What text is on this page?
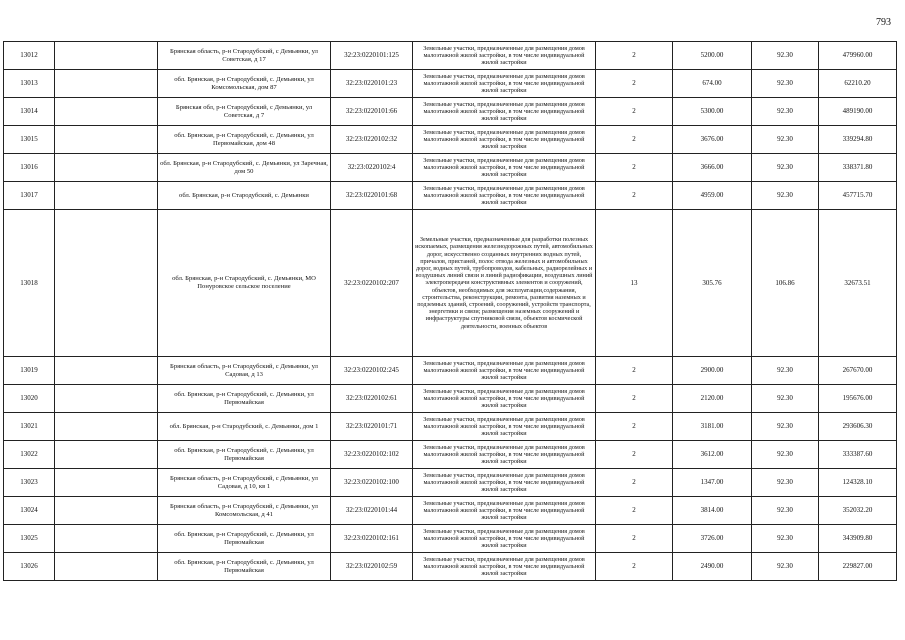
793
13012		Брянская область, р-н Стародубский, с Демьянки, ул Советская, д 17	32:23:0220101:125	Земельные участки, предназначенные для размещения домов малоэтажной жилой застройки, в том числе индивидуальной жилой застройки	2	5200.00	92.30	479960.00
13013		обл. Брянская, р-н Стародубский, с. Демьянки, ул Комсомольская, дом 87	32:23:0220101:23	Земельные участки, предназначенные для размещения домов малоэтажной жилой застройки, в том числе индивидуальной жилой застройки	2	674.00	92.30	62210.20
13014		Брянская обл, р-н Стародубский, с Демьянки, ул Советская, д 7	32:23:0220101:66	Земельные участки, предназначенные для размещения домов малоэтажной жилой застройки, в том числе индивидуальной жилой застройки	2	5300.00	92.30	489190.00
13015		обл. Брянская, р-н Стародубский, с. Демьянки, ул Первомайская, дом 48	32:23:0220102:32	Земельные участки, предназначенные для размещения домов малоэтажной жилой застройки, в том числе индивидуальной жилой застройки	2	3676.00	92.30	339294.80
13016		обл. Брянская, р-н Стародубский, с. Демьянки, ул Заречная, дом 50	32:23:0220102:4	Земельные участки, предназначенные для размещения домов малоэтажной жилой застройки, в том числе индивидуальной жилой застройки	2	3666.00	92.30	338371.80
13017		обл. Брянская, р-н Стародубский, с. Демьянки	32:23:0220101:68	Земельные участки, предназначенные для размещения домов малоэтажной жилой застройки, в том числе индивидуальной жилой застройки	2	4959.00	92.30	457715.70
13018		обл. Брянская, р-н Стародубский, с. Демьянки, МО Понуровское сельское поселение	32:23:0220102:207	Земельные участки, предназначенные для разработки полезных ископаемых, размещения железнодорожных путей, автомобильных дорог, искусственно созданных внутренних водных путей, причалов, пристаней, полос отвода железных и автомобильных дорог, водных путей, трубопроводов, кабельных, радиорелейных и воздушных линий связи и линий радиофикации, воздушных линий электропередачи конструктивных элементов и сооружений, объектов, необходимых для эксплуатации,содержания, строительства, реконструкции, ремонта, развития наземных и подземных зданий, строений, сооружений, устройств транспорта, энергетики и связи; размещения наземных сооружений и инфраструктуры спутниковой связи, объектов космической деятельности, военных объектов	13	305.76	106.86	32673.51
13019		Брянская область, р-н Стародубский, с Демьянки, ул Садовая, д 13	32:23:0220102:245	Земельные участки, предназначенные для размещения домов малоэтажной жилой застройки, в том числе индивидуальной жилой застройки	2	2900.00	92.30	267670.00
13020		обл. Брянская, р-н Стародубский, с. Демьянки, ул Первомайская	32:23:0220102:61	Земельные участки, предназначенные для размещения домов малоэтажной жилой застройки, в том числе индивидуальной жилой застройки	2	2120.00	92.30	195676.00
13021		обл. Брянская, р-н Стародубский, с. Демьянки, дом 1	32:23:0220101:71	Земельные участки, предназначенные для размещения домов малоэтажной жилой застройки, в том числе индивидуальной жилой застройки	2	3181.00	92.30	293606.30
13022		обл. Брянская, р-н Стародубский, с. Демьянки, ул Первомайская	32:23:0220102:102	Земельные участки, предназначенные для размещения домов малоэтажной жилой застройки, в том числе индивидуальной жилой застройки	2	3612.00	92.30	333387.60
13023		Брянская область, р-н Стародубский, с Демьянки, ул Садовая, д 10, кв 1	32:23:0220102:100	Земельные участки, предназначенные для размещения домов малоэтажной жилой застройки, в том числе индивидуальной жилой застройки	2	1347.00	92.30	124328.10
13024		Брянская область, р-н Стародубский, с Демьянки, ул Комсомольская, д 41	32:23:0220101:44	Земельные участки, предназначенные для размещения домов малоэтажной жилой застройки, в том числе индивидуальной жилой застройки	2	3814.00	92.30	352032.20
13025		обл. Брянская, р-н Стародубский, с. Демьянки, ул Первомайская	32:23:0220102:161	Земельные участки, предназначенные для размещения домов малоэтажной жилой застройки, в том числе индивидуальной жилой застройки	2	3726.00	92.30	343909.80
13026		обл. Брянская, р-н Стародубский, с. Демьянки, ул Первомайская	32:23:0220102:59	Земельные участки, предназначенные для размещения домов малоэтажной жилой застройки, в том числе индивидуальной жилой застройки	2	2490.00	92.30	229827.00
